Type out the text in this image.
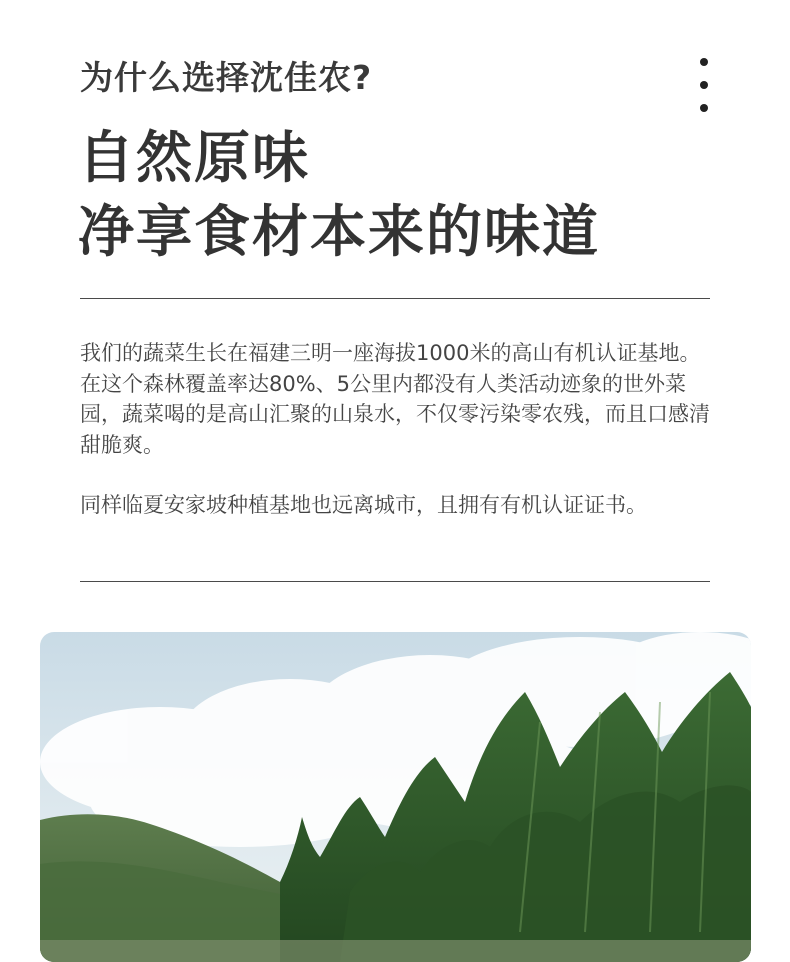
为什么选择沈佳农?
自然原味
净享食材本来的味道

我们的蔬菜生长在福建三明一座海拔1000米的高山有机认证基地。在这个森林覆盖率达80%、5公里内都没有人类活动迹象的世外菜园，蔬菜喝的是高山汇聚的山泉水，不仅零污染零农残，而且口感清甜脆爽。

同样临夏安家坡种植基地也远离城市，且拥有有机认证证书。
